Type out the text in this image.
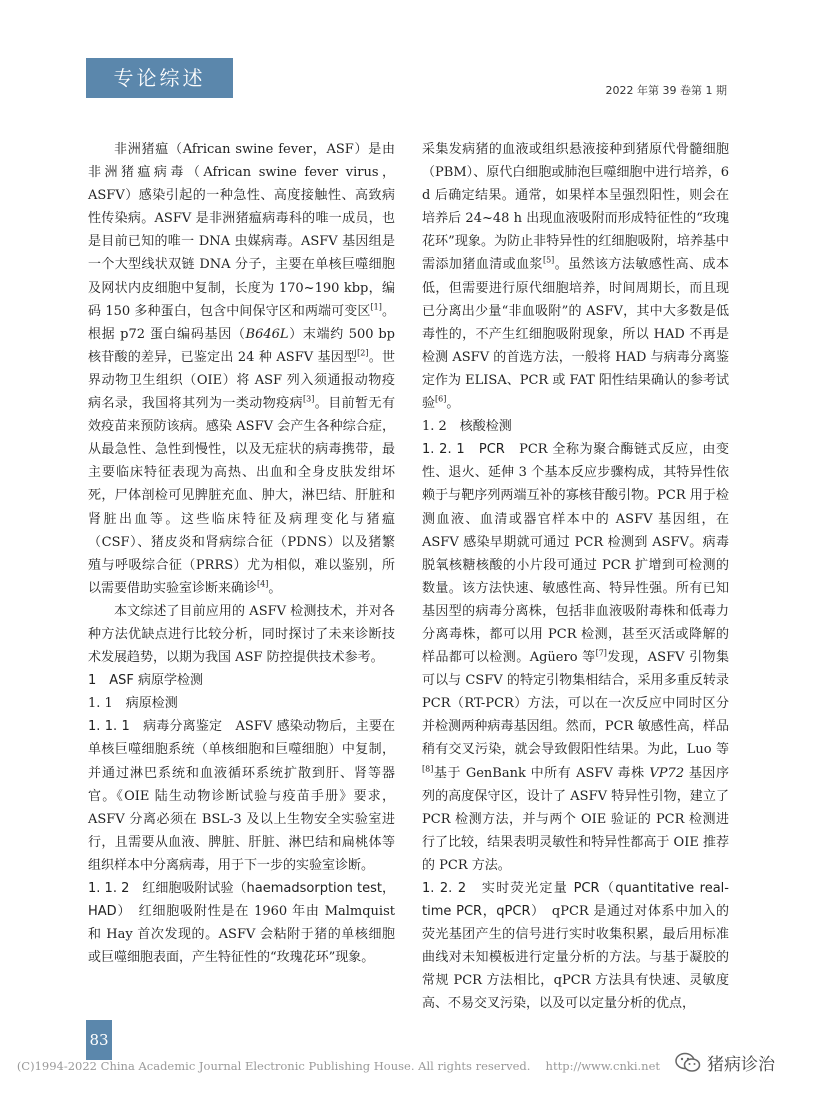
专论综述
2022 年第 39 卷第 1 期

非洲猪瘟（African swine fever，ASF）是由非洲猪瘟病毒（African swine fever virus，ASFV）感染引起的一种急性、高度接触性、高致病性传染病。ASFV 是非洲猪瘟病毒科的唯一成员，也是目前已知的唯一 DNA 虫媒病毒。ASFV 基因组是一个大型线状双链 DNA 分子，主要在单核巨噬细胞及网状内皮细胞中复制，长度为 170~190 kbp，编码 150 多种蛋白，包含中间保守区和两端可变区[1]。根据 p72 蛋白编码基因（B646L）末端约 500 bp 核苷酸的差异，已鉴定出 24 种 ASFV 基因型[2]。世界动物卫生组织（OIE）将 ASF 列入须通报动物疫病名录，我国将其列为一类动物疫病[3]。目前暂无有效疫苗来预防该病。感染 ASFV 会产生各种综合症，从最急性、急性到慢性，以及无症状的病毒携带，最主要临床特征表现为高热、出血和全身皮肤发绀坏死，尸体剖检可见脾脏充血、肿大，淋巴结、肝脏和肾脏出血等。这些临床特征及病理变化与猪瘟（CSF）、猪皮炎和肾病综合征（PDNS）以及猪繁殖与呼吸综合征（PRRS）尤为相似，难以鉴别，所以需要借助实验室诊断来确诊[4]。

本文综述了目前应用的 ASFV 检测技术，并对各种方法优缺点进行比较分析，同时探讨了未来诊断技术发展趋势，以期为我国 ASF 防控提供技术参考。

1　ASF 病原学检测

1. 1　病原检测

1. 1. 1　病毒分离鉴定　ASFV 感染动物后，主要在单核巨噬细胞系统（单核细胞和巨噬细胞）中复制，并通过淋巴系统和血液循环系统扩散到肝、肾等器官。《OIE 陆生动物诊断试验与疫苗手册》要求，ASFV 分离必须在 BSL-3 及以上生物安全实验室进行，且需要从血液、脾脏、肝脏、淋巴结和扁桃体等组织样本中分离病毒，用于下一步的实验室诊断。

1. 1. 2　红细胞吸附试验（haemadsorption test，HAD）　红细胞吸附性是在 1960 年由 Malmquist 和 Hay 首次发现的。ASFV 会粘附于猪的单核细胞或巨噬细胞表面，产生特征性的“玫瑰花环”现象。

采集发病猪的血液或组织悬液接种到猪原代骨髓细胞（PBM）、原代白细胞或肺泡巨噬细胞中进行培养，6 d 后确定结果。通常，如果样本呈强烈阳性，则会在培养后 24~48 h 出现血液吸附而形成特征性的“玫瑰花环”现象。为防止非特异性的红细胞吸附，培养基中需添加猪血清或血浆[5]。虽然该方法敏感性高、成本低，但需要进行原代细胞培养，时间周期长，而且现已分离出少量“非血吸附”的 ASFV，其中大多数是低毒性的，不产生红细胞吸附现象，所以 HAD 不再是检测 ASFV 的首选方法，一般将 HAD 与病毒分离鉴定作为 ELISA、PCR 或 FAT 阳性结果确认的参考试验[6]。

1. 2　核酸检测

1. 2. 1　PCR　PCR 全称为聚合酶链式反应，由变性、退火、延伸 3 个基本反应步骤构成，其特异性依赖于与靶序列两端互补的寡核苷酸引物。PCR 用于检测血液、血清或器官样本中的 ASFV 基因组，在 ASFV 感染早期就可通过 PCR 检测到 ASFV。病毒脱氧核糖核酸的小片段可通过 PCR 扩增到可检测的数量。该方法快速、敏感性高、特异性强。所有已知基因型的病毒分离株，包括非血液吸附毒株和低毒力分离毒株，都可以用 PCR 检测，甚至灭活或降解的样品都可以检测。Agüero 等[7]发现，ASFV 引物集可以与 CSFV 的特定引物集相结合，采用多重反转录 PCR（RT-PCR）方法，可以在一次反应中同时区分并检测两种病毒基因组。然而，PCR 敏感性高，样品稍有交叉污染，就会导致假阳性结果。为此，Luo 等[8]基于 GenBank 中所有 ASFV 毒株 VP72 基因序列的高度保守区，设计了 ASFV 特异性引物，建立了 PCR 检测方法，并与两个 OIE 验证的 PCR 检测进行了比较，结果表明灵敏性和特异性都高于 OIE 推荐的 PCR 方法。

1. 2. 2　实时荧光定量 PCR（quantitative real-time PCR，qPCR）　qPCR 是通过对体系中加入的荧光基团产生的信号进行实时收集积累，最后用标准曲线对未知模板进行定量分析的方法。与基于凝胶的常规 PCR 方法相比，qPCR 方法具有快速、灵敏度高、不易交叉污染，以及可以定量分析的优点，

83
(C)1994-2022 China Academic Journal Electronic Publishing House. All rights reserved.　 http://www.cnki.net	猪病诊治
